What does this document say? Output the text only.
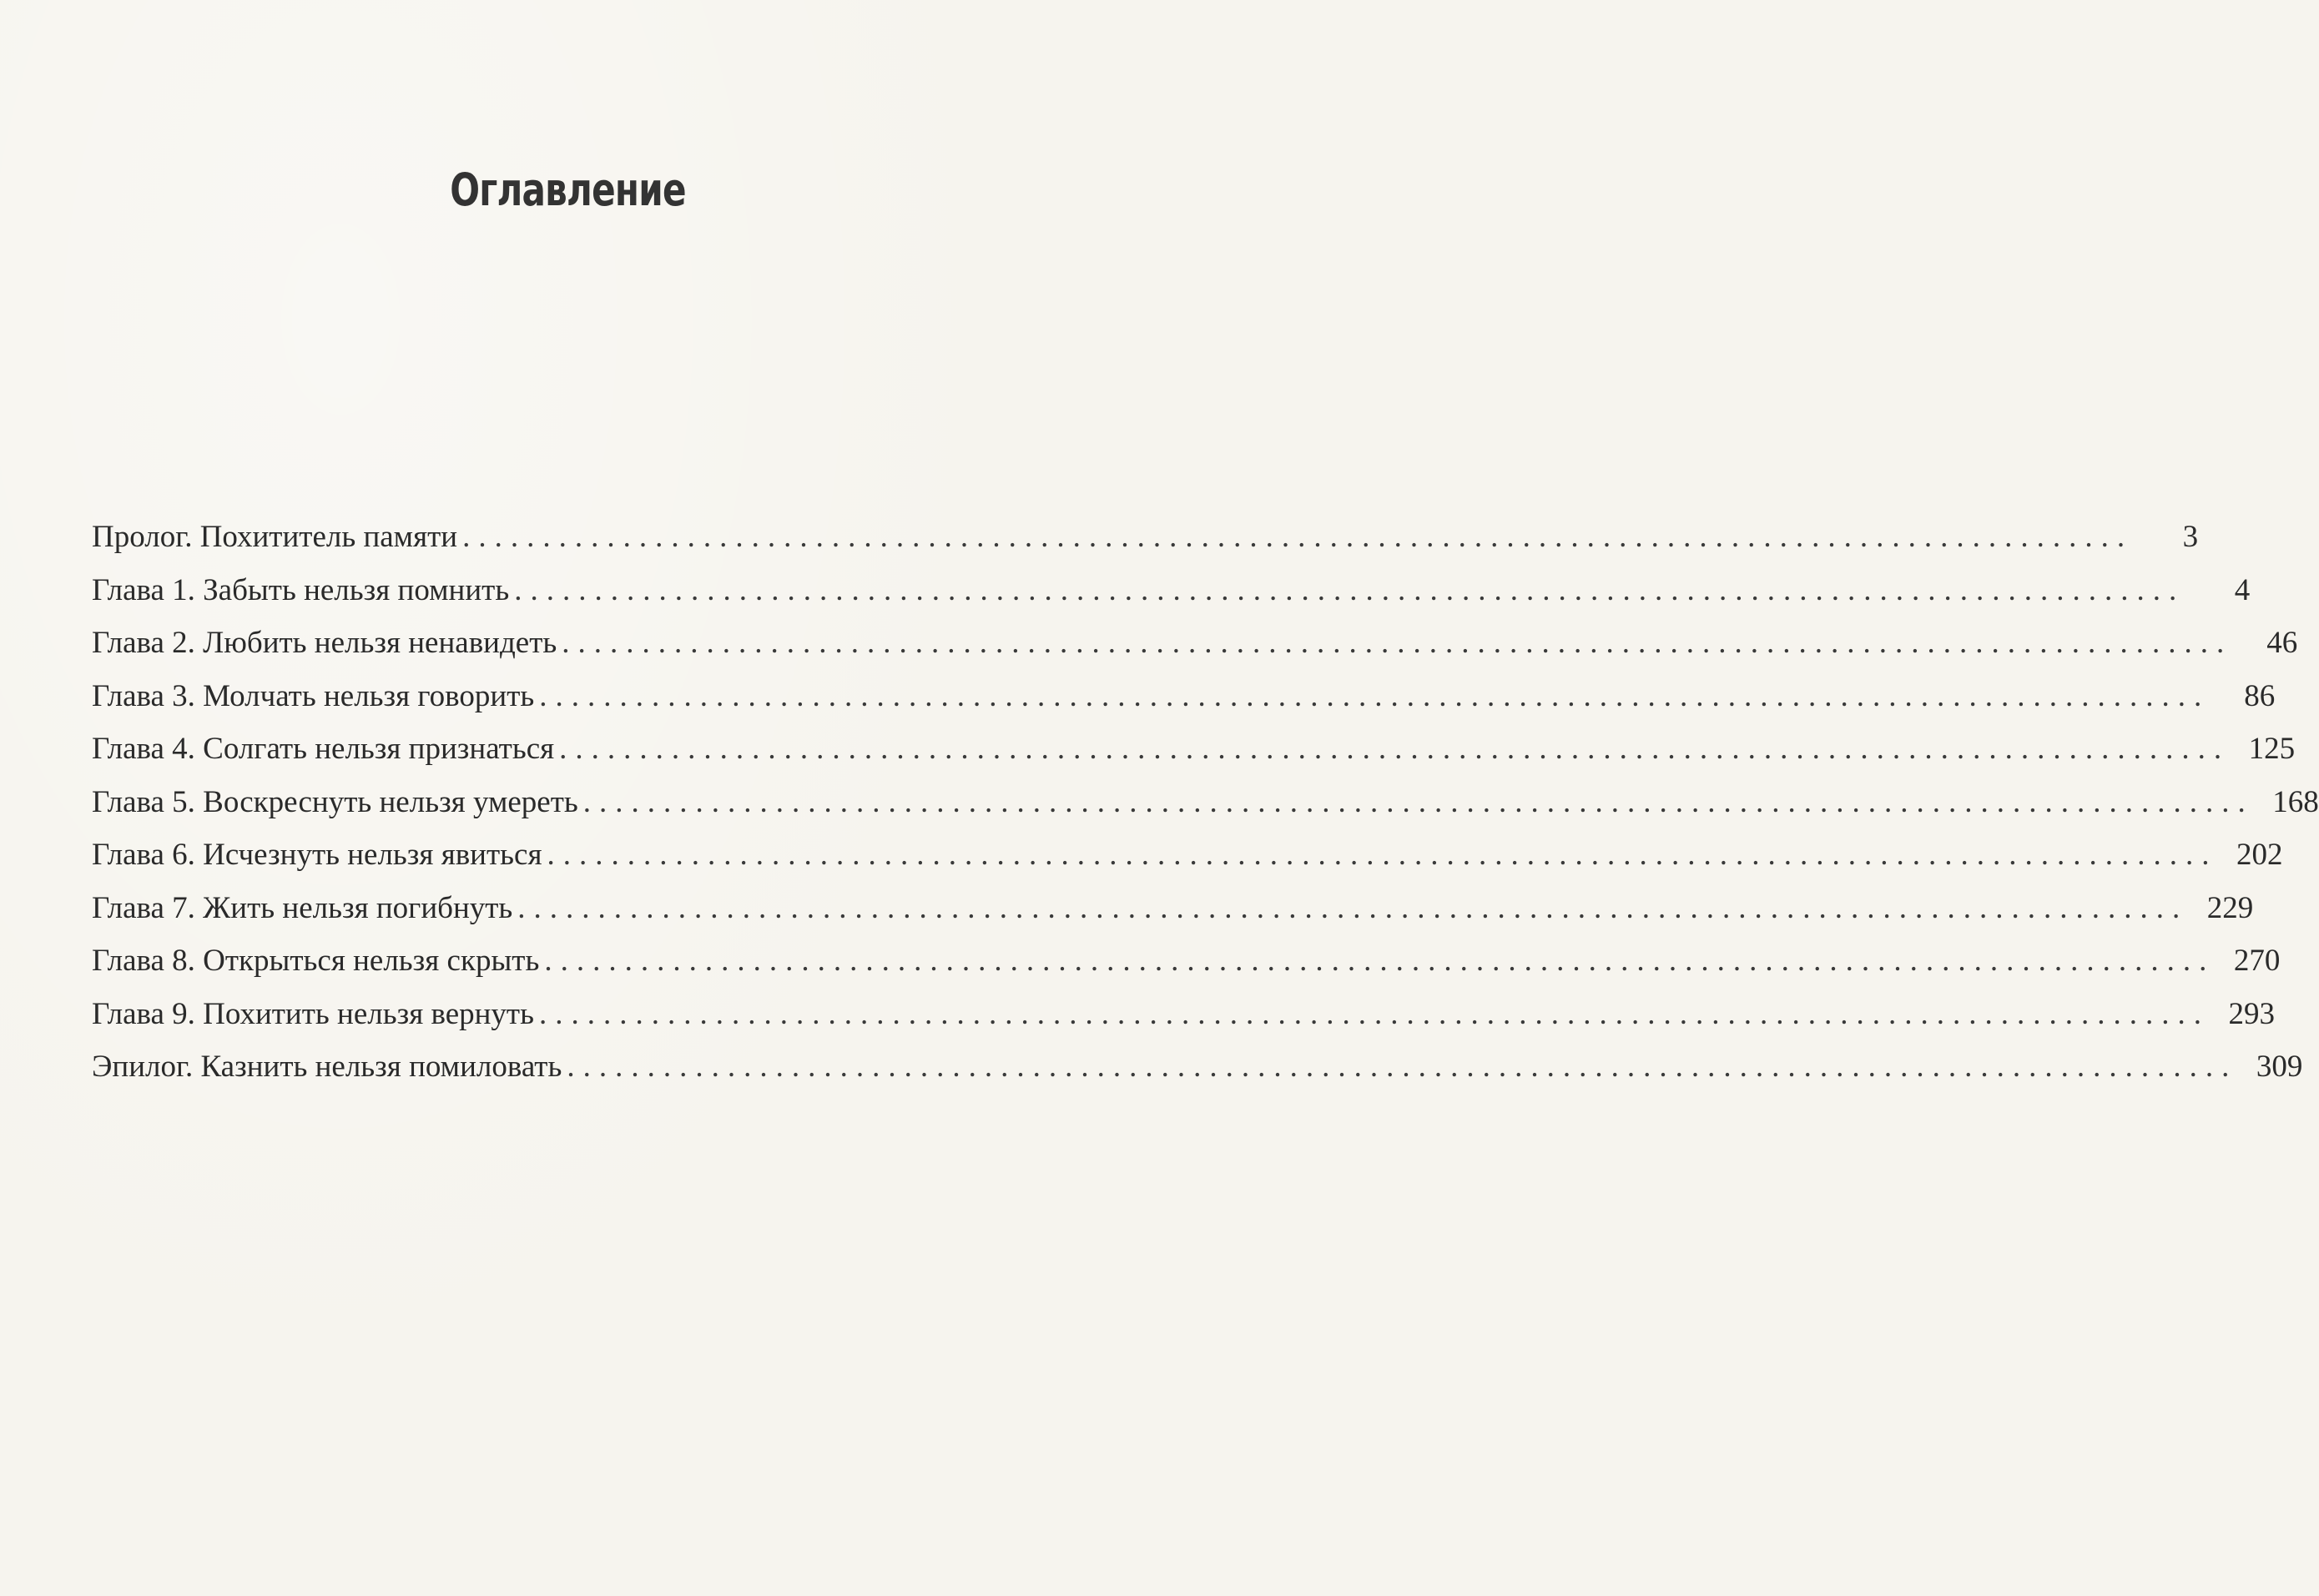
Оглавление
Пролог. Похититель памяти ........................................................................................................	3
Глава 1. Забыть нельзя помнить ........................................................................................................	4
Глава 2. Любить нельзя ненавидеть ........................................................................................................	46
Глава 3. Молчать нельзя говорить ........................................................................................................	86
Глава 4. Солгать нельзя признаться ........................................................................................................ 125
Глава 5. Воскреснуть нельзя умереть ........................................................................................................ 168
Глава 6. Исчезнуть нельзя явиться ........................................................................................................ 202
Глава 7. Жить нельзя погибнуть ........................................................................................................ 229
Глава 8. Открыться нельзя скрыть ........................................................................................................ 270
Глава 9. Похитить нельзя вернуть ........................................................................................................ 293
Эпилог. Казнить нельзя помиловать ........................................................................................................ 309
